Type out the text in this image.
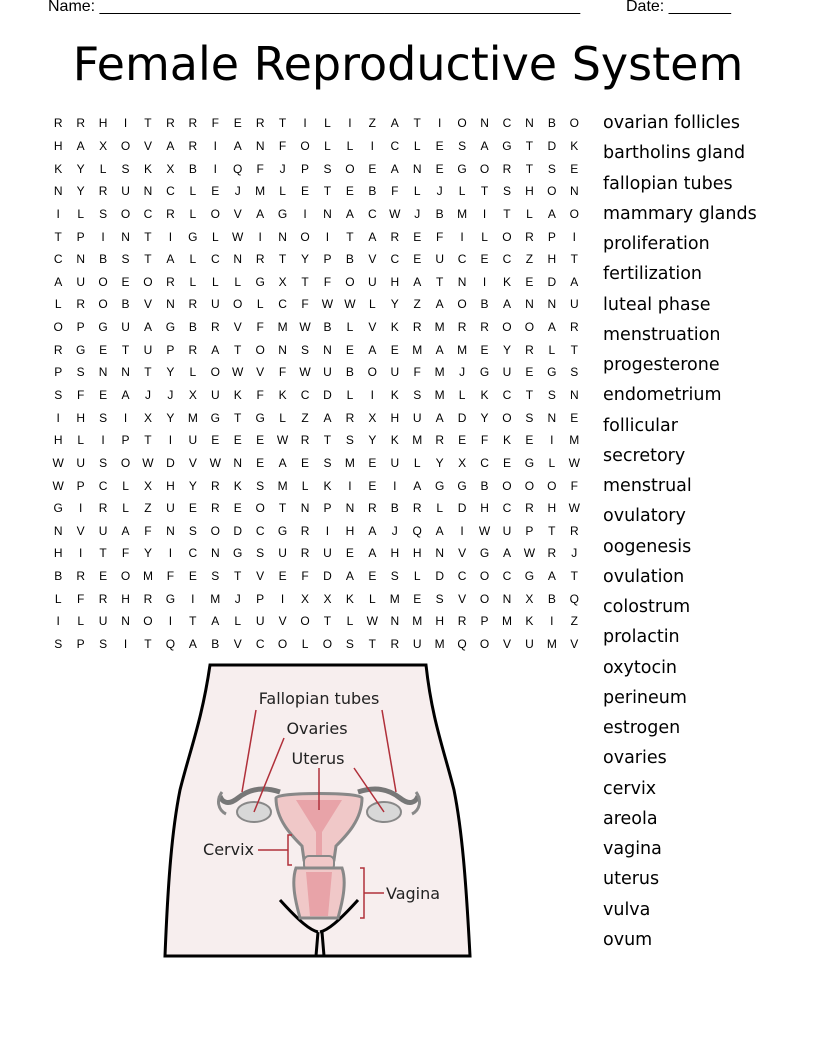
Name: ______________________________________________________	Date: _______
Female Reproductive System
R	R	H	I	T	R	R	F	E	R	T	I	L	I	Z	A	T	I	O	N	C	N	B	O
H	A	X	O	V	A	R	I	A	N	F	O	L	L	I	C	L	E	S	A	G	T	D	K
K	Y	L	S	K	X	B	I	Q	F	J	P	S	O	E	A	N	E	G	O	R	T	S	E
N	Y	R	U	N	C	L	E	J	M	L	E	T	E	B	F	L	J	L	T	S	H	O	N
I	L	S	O	C	R	L	O	V	A	G	I	N	A	C	W	J	B	M	I	T	L	A	O
T	P	I	N	T	I	G	L	W	I	N	O	I	T	A	R	E	F	I	L	O	R	P	I
C	N	B	S	T	A	L	C	N	R	T	Y	P	B	V	C	E	U	C	E	C	Z	H	T
A	U	O	E	O	R	L	L	L	G	X	T	F	O	U	H	A	T	N	I	K	E	D	A
L	R	O	B	V	N	R	U	O	L	C	F	W	W	L	Y	Z	A	O	B	A	N	N	U
O	P	G	U	A	G	B	R	V	F	M	W	B	L	V	K	R	M	R	R	O	O	A	R
R	G	E	T	U	P	R	A	T	O	N	S	N	E	A	E	M	A	M	E	Y	R	L	T
P	S	N	N	T	Y	L	O	W	V	F	W	U	B	O	U	F	M	J	G	U	E	G	S
S	F	E	A	J	J	X	U	K	F	K	C	D	L	I	K	S	M	L	K	C	T	S	N
I	H	S	I	X	Y	M	G	T	G	L	Z	A	R	X	H	U	A	D	Y	O	S	N	E
H	L	I	P	T	I	U	E	E	E	W	R	T	S	Y	K	M	R	E	F	K	E	I	M
W	U	S	O	W	D	V	W	N	E	A	E	S	M	E	U	L	Y	X	C	E	G	L	W
W	P	C	L	X	H	Y	R	K	S	M	L	K	I	E	I	A	G	G	B	O	O	O	F
G	I	R	L	Z	U	E	R	E	O	T	N	P	N	R	B	R	L	D	H	C	R	H	W
N	V	U	A	F	N	S	O	D	C	G	R	I	H	A	J	Q	A	I	W	U	P	T	R
H	I	T	F	Y	I	C	N	G	S	U	R	U	E	A	H	H	N	V	G	A	W	R	J
B	R	E	O	M	F	E	S	T	V	E	F	D	A	E	S	L	D	C	O	C	G	A	T
L	F	R	H	R	G	I	M	J	P	I	X	X	K	L	M	E	S	V	O	N	X	B	Q
I	L	U	N	O	I	T	A	L	U	V	O	T	L	W	N	M	H	R	P	M	K	I	Z
S	P	S	I	T	Q	A	B	V	C	O	L	O	S	T	R	U	M	Q	O	V	U	M	V
ovarian follicles
bartholins gland
fallopian tubes
mammary glands
proliferation
fertilization
luteal phase
menstruation
progesterone
endometrium
follicular
secretory
menstrual
ovulatory
oogenesis
ovulation
colostrum
prolactin
oxytocin
perineum
estrogen
ovaries
cervix
areola
vagina
uterus
vulva
ovum
Fallopian tubes
Ovaries
Uterus
Cervix
Vagina
